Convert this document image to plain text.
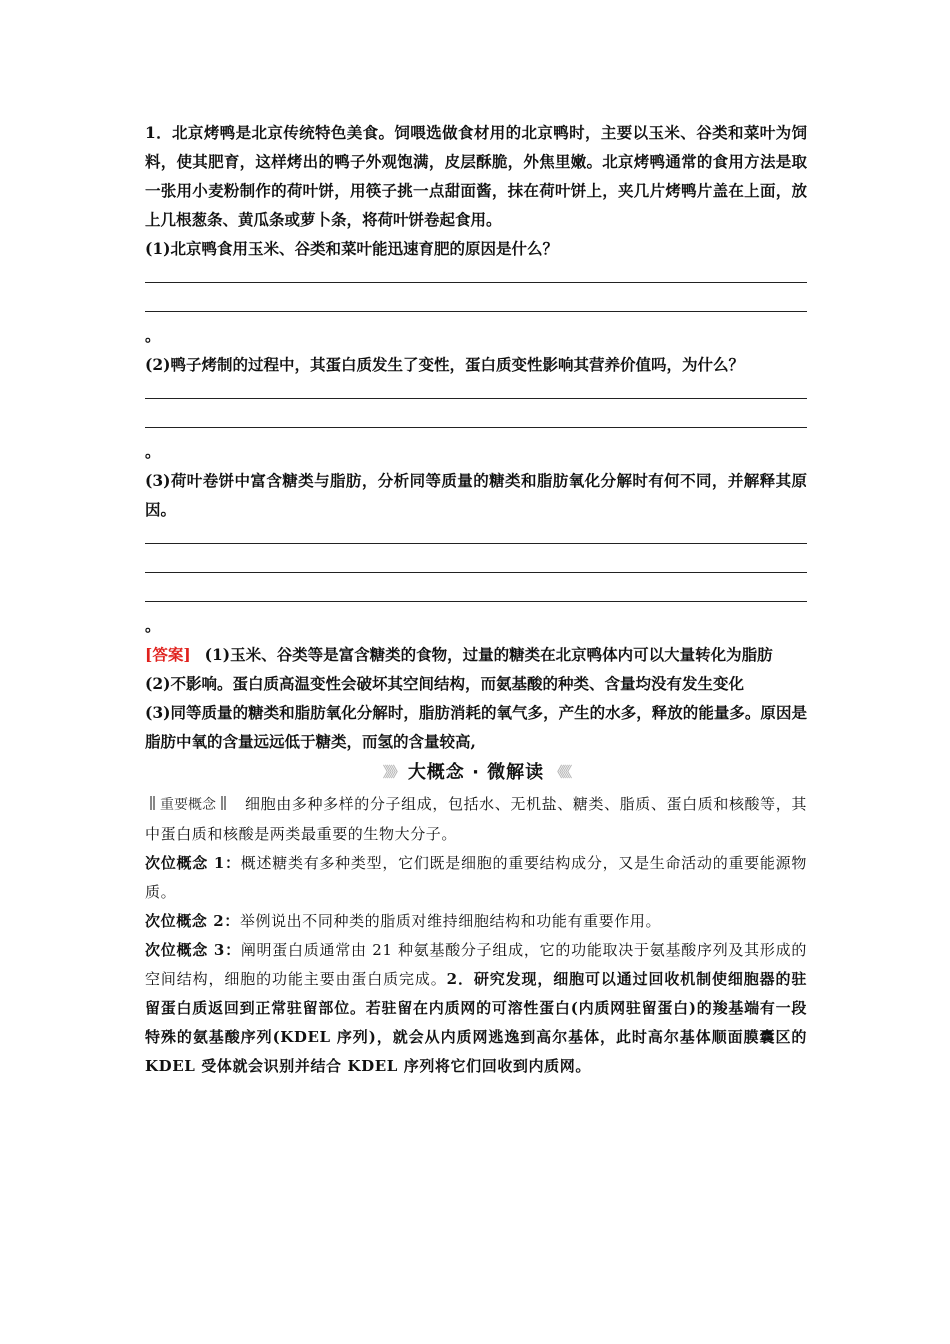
1．北京烤鸭是北京传统特色美食。饲喂选做食材用的北京鸭时，主要以玉米、谷类和菜叶为饲料，使其肥育，这样烤出的鸭子外观饱满，皮层酥脆，外焦里嫩。北京烤鸭通常的食用方法是取一张用小麦粉制作的荷叶饼，用筷子挑一点甜面酱，抹在荷叶饼上，夹几片烤鸭片盖在上面，放上几根葱条、黄瓜条或萝卜条，将荷叶饼卷起食用。

(1)北京鸭食用玉米、谷类和菜叶能迅速育肥的原因是什么？

。

(2)鸭子烤制的过程中，其蛋白质发生了变性，蛋白质变性影响其营养价值吗，为什么？

。

(3)荷叶卷饼中富含糖类与脂肪，分析同等质量的糖类和脂肪氧化分解时有何不同，并解释其原因。

。

[答案] (1)玉米、谷类等是富含糖类的食物，过量的糖类在北京鸭体内可以大量转化为脂肪

(2)不影响。蛋白质高温变性会破坏其空间结构，而氨基酸的种类、含量均没有发生变化

(3)同等质量的糖类和脂肪氧化分解时，脂肪消耗的氧气多，产生的水多，释放的能量多。原因是脂肪中氧的含量远远低于糖类，而氢的含量较高,

》》》 大概念 · 微解读 《《《

重要概念 细胞由多种多样的分子组成，包括水、无机盐、糖类、脂质、蛋白质和核酸等，其中蛋白质和核酸是两类最重要的生物大分子。

次位概念 1：概述糖类有多种类型，它们既是细胞的重要结构成分，又是生命活动的重要能源物质。

次位概念 2：举例说出不同种类的脂质对维持细胞结构和功能有重要作用。

次位概念 3：阐明蛋白质通常由 21 种氨基酸分子组成，它的功能取决于氨基酸序列及其形成的空间结构，细胞的功能主要由蛋白质完成。2．研究发现，细胞可以通过回收机制使细胞器的驻留蛋白质返回到正常驻留部位。若驻留在内质网的可溶性蛋白(内质网驻留蛋白)的羧基端有一段特殊的氨基酸序列(KDEL 序列)，就会从内质网逃逸到高尔基体，此时高尔基体顺面膜囊区的 KDEL 受体就会识别并结合 KDEL 序列将它们回收到内质网。
